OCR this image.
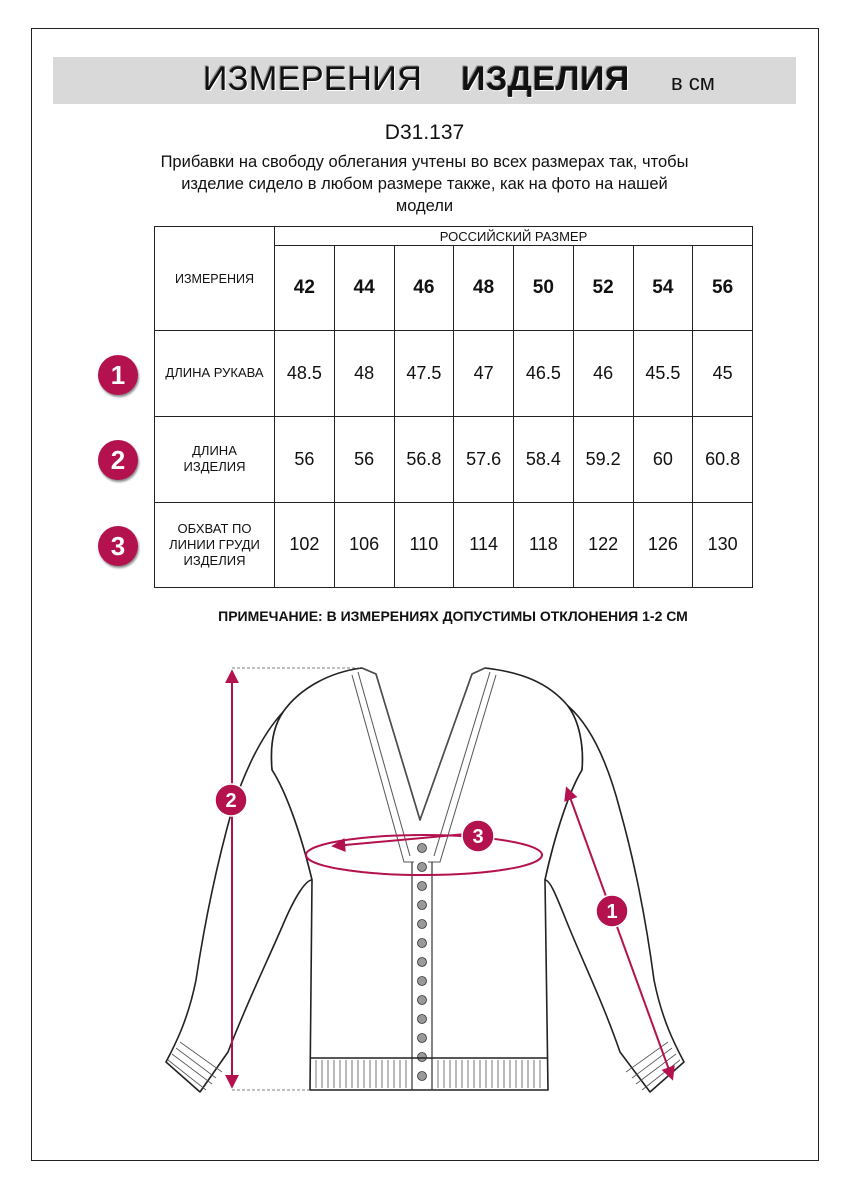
ИЗМЕРЕНИЯ ИЗДЕЛИЯ в см
D31.137
Прибавки на свободу облегания учтены во всех размерах так, чтобы
изделие сидело в любом размере также, как на фото на нашей
модели
ИЗМЕРЕНИЯ	РОССИЙСКИЙ РАЗМЕР							
	42	44	46	48	50	52	54	56
ДЛИНА РУКАВА	48.5	48	47.5	47	46.5	46	45.5	45
ДЛИНА
ИЗДЕЛИЯ	56	56	56.8	57.6	58.4	59.2	60	60.8
ОБХВАТ ПО
ЛИНИИ ГРУДИ
ИЗДЕЛИЯ	102	106	110	114	118	122	126	130
1
2
3
ПРИМЕЧАНИЕ: В ИЗМЕРЕНИЯХ ДОПУСТИМЫ ОТКЛОНЕНИЯ 1-2 СМ
2
3
1
